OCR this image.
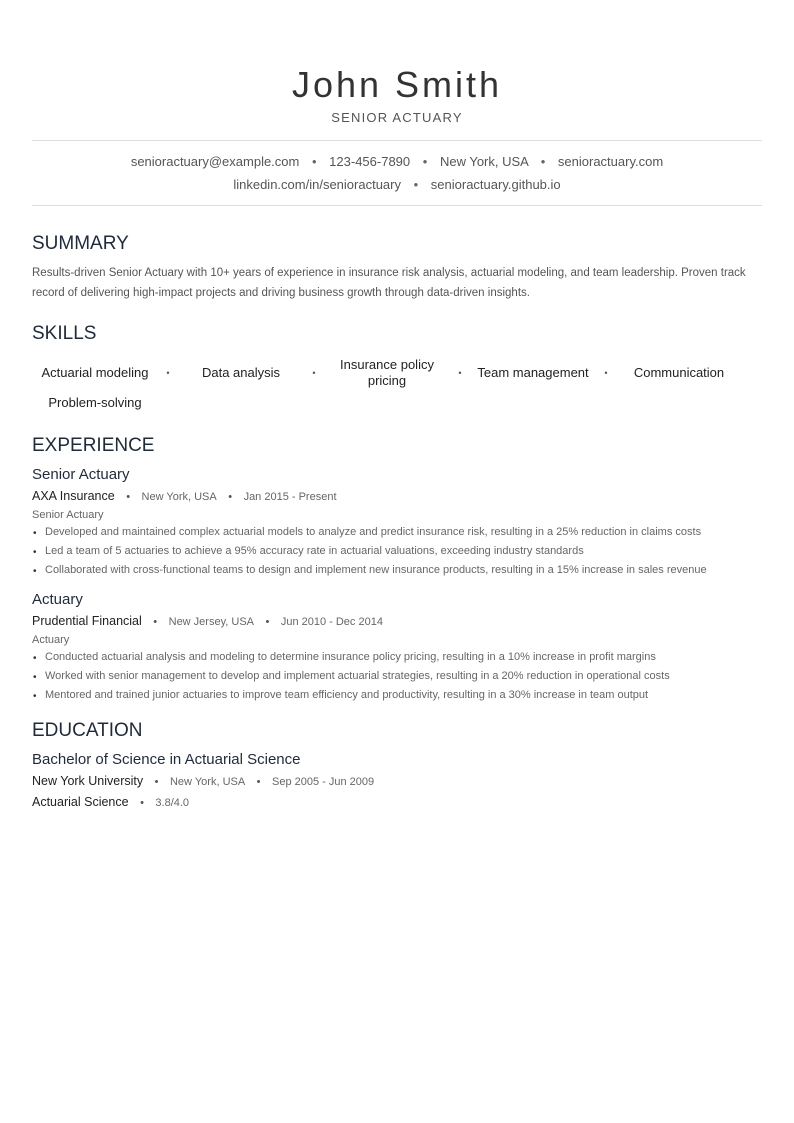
John Smith
SENIOR ACTUARY
senioractuary@example.com • 123-456-7890 • New York, USA • senioractuary.com
linkedin.com/in/senioractuary • senioractuary.github.io
SUMMARY

Results-driven Senior Actuary with 10+ years of experience in insurance risk analysis, actuarial modeling, and team leadership. Proven track record of delivering high-impact projects and driving business growth through data-driven insights.

SKILLS
Actuarial modeling	•	Data analysis	•
Insurance policy pricing	•	Team management	•	Communication
Problem-solving
EXPERIENCE
Senior Actuary
AXA Insurance • New York, USA • Jan 2015 - Present
Senior Actuary
• Developed and maintained complex actuarial models to analyze and predict insurance risk, resulting in a 25% reduction in claims costs
• Led a team of 5 actuaries to achieve a 95% accuracy rate in actuarial valuations, exceeding industry standards
• Collaborated with cross-functional teams to design and implement new insurance products, resulting in a 15% increase in sales revenue
Actuary
Prudential Financial • New Jersey, USA • Jun 2010 - Dec 2014
Actuary
• Conducted actuarial analysis and modeling to determine insurance policy pricing, resulting in a 10% increase in profit margins
• Worked with senior management to develop and implement actuarial strategies, resulting in a 20% reduction in operational costs
• Mentored and trained junior actuaries to improve team efficiency and productivity, resulting in a 30% increase in team output
EDUCATION
Bachelor of Science in Actuarial Science
New York University • New York, USA • Sep 2005 - Jun 2009
Actuarial Science • 3.8/4.0
